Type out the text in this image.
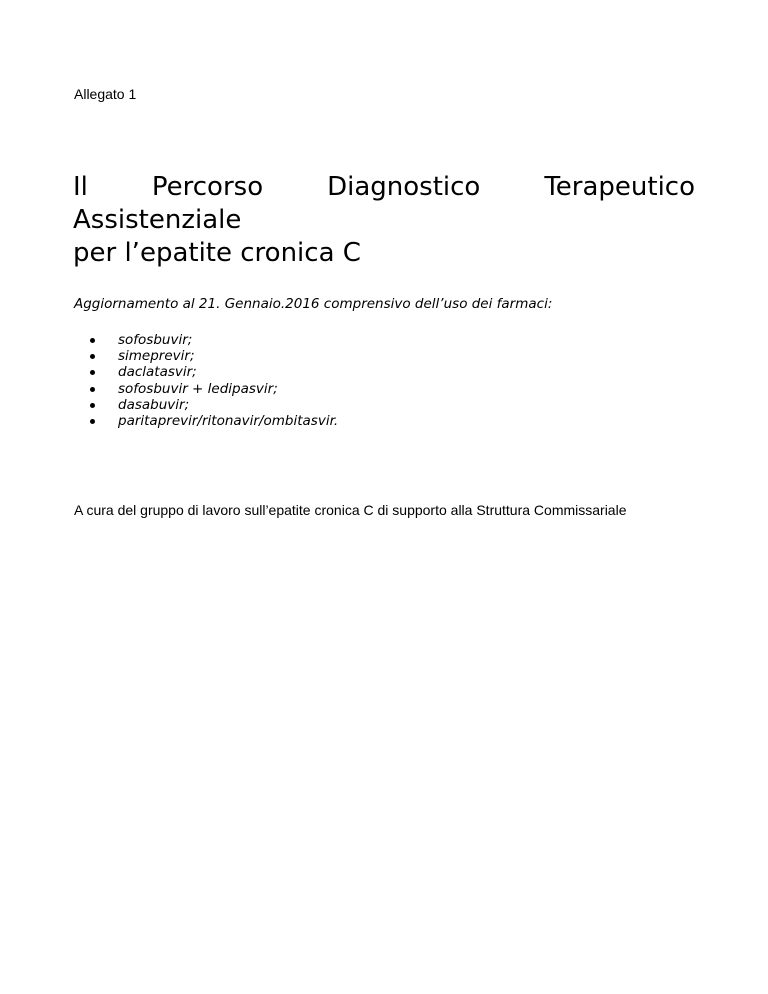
Allegato 1

Il Percorso Diagnostico Terapeutico Assistenziale
per l’epatite cronica C

Aggiornamento al 21. Gennaio.2016 comprensivo dell’uso dei farmaci:

sofosbuvir;
simeprevir;
daclatasvir;
sofosbuvir + ledipasvir;
dasabuvir;
paritaprevir/ritonavir/ombitasvir.

A cura del gruppo di lavoro sull’epatite cronica C di supporto alla Struttura Commissariale
